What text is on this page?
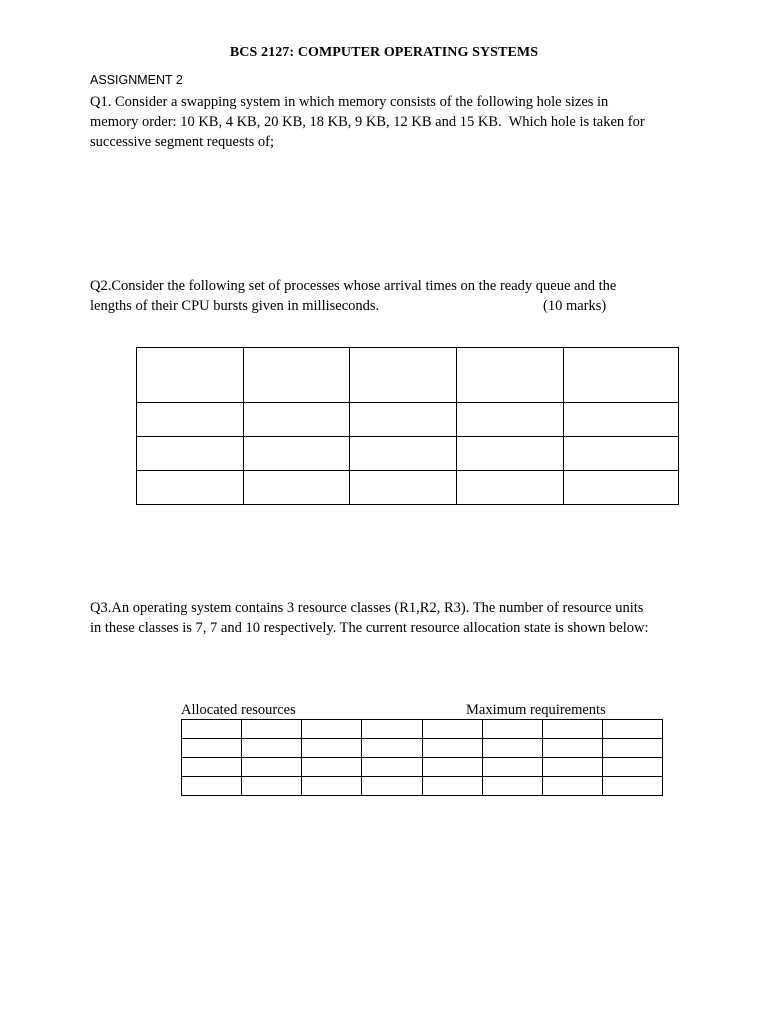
BCS 2127: COMPUTER OPERATING SYSTEMS
ASSIGNMENT 2
Q1. Consider a swapping system in which memory consists of the following hole sizes in
memory order: 10 KB, 4 KB, 20 KB, 18 KB, 9 KB, 12 KB and 15 KB.  Which hole is taken for
successive segment requests of;
Q2.Consider the following set of processes whose arrival times on the ready queue and the
lengths of their CPU bursts given in milliseconds.	(10 marks)

Q3.An operating system contains 3 resource classes (R1,R2, R3). The number of resource units
in these classes is 7, 7 and 10 respectively. The current resource allocation state is shown below:
Allocated resources	Maximum requirements
